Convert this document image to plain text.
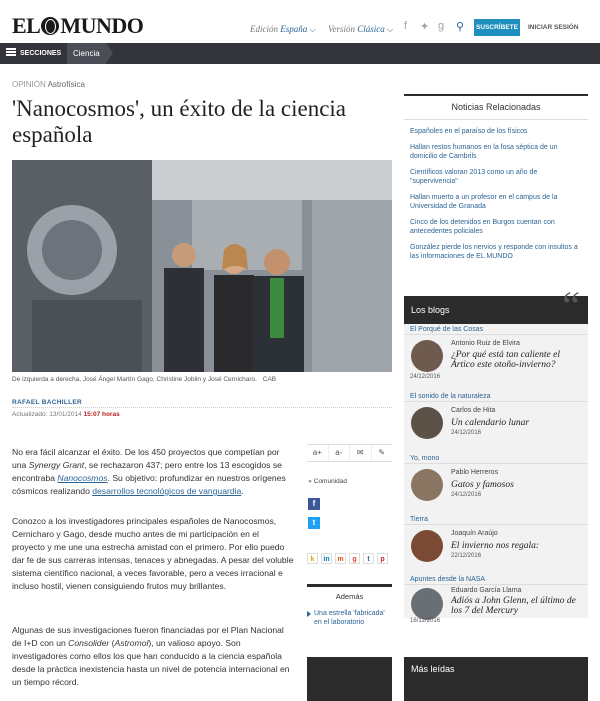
EL MUNDO	Edición España ⌵ Versión Clásica ⌵ f ✦ g ⚲	SUSCRÍBETE	INICIAR SESIÓN
SECCIONES	Ciencia
OPINIÓN Astrofísica
'Nanocosmos', un éxito de la ciencia española
De izquierda a derecha, José Ángel Martín Gago, Christine Joblin y José Cernicharo. CAB
RAFAEL BACHILLER
Actualizado: 13/01/2014 15:07 horas

No era fácil alcanzar el éxito. De los 450 proyectos que competían por una Synergy Grant, se rechazaron 437; pero entre los 13 escogidos se encontraba Nanocosmos. Su objetivo: profundizar en nuestros orígenes cósmicos realizando desarrollos tecnológicos de vanguardia.

Conozco a los investigadores principales españoles de Nanocosmos, Cernicharo y Gago, desde mucho antes de mi participación en el proyecto y me une una estrecha amistad con el primero. Por ello puedo dar fe de sus carreras intensas, tenaces y abnegadas. A pesar del voluble sistema científico nacional, a veces favorable, pero a veces irracional e incluso hostil, vienen consiguiendo frutos muy brillantes.

Algunas de sus investigaciones fueron financiadas por el Plan Nacional de I+D con un Consolider (Astromol), un valioso apoyo. Son investigadores como ellos los que han conducido a la ciencia española desde la práctica inexistencia hasta un nivel de potencia internacional en un tiempo récord.

a+	a-	✉	✎
● Comunidad
f
t
k	in	m	g	t	p
Además
Una estrella 'fabricada' en el laboratorio
Noticias Relacionadas
Españoles en el paraíso de los físicos
Hallan restos humanos en la fosa séptica de un domicilio de Cambrils
Científicos valoran 2013 como un año de "supervivencia"
Hallan muerto a un profesor en el campus de la Universidad de Granada
Cinco de los detenidos en Burgos cuentan con antecedentes policiales
González pierde los nervios y responde con insultos a las informaciones de EL MUNDO
Los blogs	“
El Porqué de las Cosas
Antonio Ruiz de Elvira
¿Por qué está tan caliente el Ártico este otoño-invierno?
24/12/2016
El sonido de la naturaleza
Carlos de Hita
Un calendario lunar
24/12/2016
Yo, mono
Pablo Herreros
Gatos y famosos
24/12/2016
Tierra
Joaquín Araújo
El invierno nos regala:
22/12/2016
Apuntes desde la NASA
Eduardo García Llama
Adiós a John Glenn, el último de los 7 del Mercury
16/12/2016
Más leídas
